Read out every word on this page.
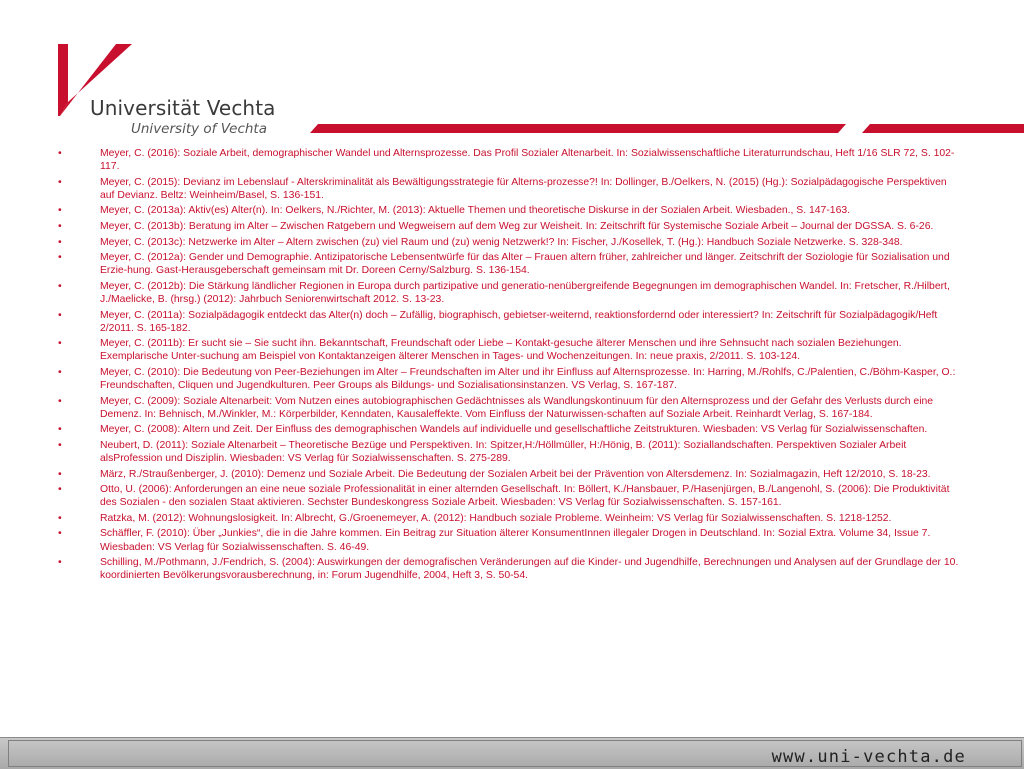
Universität Vechta
University of Vechta
•	Meyer, C. (2016): Soziale Arbeit, demographischer Wandel und Alternsprozesse. Das Profil Sozialer Altenarbeit. In: Sozialwissenschaftliche Literaturrundschau, Heft 1/16 SLR 72, S. 102-117.
•	Meyer, C. (2015): Devianz im Lebenslauf - Alterskriminalität als Bewältigungsstrategie für Alterns-prozesse?! In: Dollinger, B./Oelkers, N. (2015) (Hg.): Sozialpädagogische Perspektiven auf Devianz. Beltz: Weinheim/Basel, S. 136-151.
•	Meyer, C. (2013a): Aktiv(es) Alter(n). In: Oelkers, N./Richter, M. (2013): Aktuelle Themen und theoretische Diskurse in der Sozialen Arbeit. Wiesbaden., S. 147-163.
•	Meyer, C. (2013b): Beratung im Alter – Zwischen Ratgebern und Wegweisern auf dem Weg zur Weisheit. In: Zeitschrift für Systemische Soziale Arbeit – Journal der DGSSA. S. 6-26.
•	Meyer, C. (2013c): Netzwerke im Alter – Altern zwischen (zu) viel Raum und (zu) wenig Netzwerk!? In: Fischer, J./Kosellek, T. (Hg.): Handbuch Soziale Netzwerke. S. 328-348.
•	Meyer, C. (2012a): Gender und Demographie. Antizipatorische Lebensentwürfe für das Alter – Frauen altern früher, zahlreicher und länger. Zeitschrift der Soziologie für Sozialisation und Erzie-hung. Gast-Herausgeberschaft gemeinsam mit Dr. Doreen Cerny/Salzburg. S. 136-154.
•	Meyer, C. (2012b): Die Stärkung ländlicher Regionen in Europa durch partizipative und generatio-nenübergreifende Begegnungen im demographischen Wandel. In: Fretscher, R./Hilbert, J./Maelicke, B. (hrsg.) (2012): Jahrbuch Seniorenwirtschaft 2012. S. 13-23.
•	Meyer, C. (2011a): Sozialpädagogik entdeckt das Alter(n) doch – Zufällig, biographisch, gebietser-weiternd, reaktionsfordernd oder interessiert? In: Zeitschrift für Sozialpädagogik/Heft 2/2011. S. 165-182.
•	Meyer, C. (2011b): Er sucht sie – Sie sucht ihn. Bekanntschaft, Freundschaft oder Liebe – Kontakt-gesuche älterer Menschen und ihre Sehnsucht nach sozialen Beziehungen. Exemplarische Unter-suchung am Beispiel von Kontaktanzeigen älterer Menschen in Tages- und Wochenzeitungen. In: neue praxis, 2/2011. S. 103-124.
•	Meyer, C. (2010): Die Bedeutung von Peer-Beziehungen im Alter – Freundschaften im Alter und ihr Einfluss auf Alternsprozesse. In: Harring, M./Rohlfs, C./Palentien, C./Böhm-Kasper, O.: Freundschaften, Cliquen und Jugendkulturen. Peer Groups als Bildungs- und Sozialisationsinstanzen. VS Verlag, S. 167-187.
•	Meyer, C. (2009): Soziale Altenarbeit: Vom Nutzen eines autobiographischen Gedächtnisses als Wandlungskontinuum für den Alternsprozess und der Gefahr des Verlusts durch eine Demenz. In: Behnisch, M./Winkler, M.: Körperbilder, Kenndaten, Kausaleffekte. Vom Einfluss der Naturwissen-schaften auf Soziale Arbeit. Reinhardt Verlag, S. 167-184.
•	Meyer, C. (2008): Altern und Zeit. Der Einfluss des demographischen Wandels auf individuelle und gesellschaftliche Zeitstrukturen. Wiesbaden: VS Verlag für Sozialwissenschaften.
•	Neubert, D. (2011): Soziale Altenarbeit – Theoretische Bezüge und Perspektiven. In: Spitzer,H:/Höllmüller, H:/Hönig, B. (2011): Soziallandschaften. Perspektiven Sozialer Arbeit alsProfession und Disziplin. Wiesbaden: VS Verlag für Sozialwissenschaften. S. 275-289.
•	März, R./Straußenberger, J. (2010): Demenz und Soziale Arbeit. Die Bedeutung der Sozialen Arbeit bei der Prävention von Altersdemenz. In: Sozialmagazin, Heft 12/2010, S. 18-23.
•	Otto, U. (2006): Anforderungen an eine neue soziale Professionalität in einer alternden Gesellschaft. In: Böllert, K./Hansbauer, P./Hasenjürgen, B./Langenohl, S. (2006): Die Produktivität des Sozialen - den sozialen Staat aktivieren. Sechster Bundeskongress Soziale Arbeit. Wiesbaden: VS Verlag für Sozialwissenschaften. S. 157-161.
•	Ratzka, M. (2012): Wohnungslosigkeit. In: Albrecht, G./Groenemeyer, A. (2012): Handbuch soziale Probleme. Weinheim: VS Verlag für Sozialwissenschaften. S. 1218-1252.
•	Schäffler, F. (2010): Über „Junkies“, die in die Jahre kommen. Ein Beitrag zur Situation älterer KonsumentInnen illegaler Drogen in Deutschland. In: Sozial Extra. Volume 34, Issue 7. Wiesbaden: VS Verlag für Sozialwissenschaften. S. 46-49.
•	Schilling, M./Pothmann, J./Fendrich, S. (2004): Auswirkungen der demografischen Veränderungen auf die Kinder- und Jugendhilfe, Berechnungen und Analysen auf der Grundlage der 10. koordinierten Bevölkerungsvorausberechnung, in: Forum Jugendhilfe, 2004, Heft 3, S. 50-54.
www.uni-vechta.de
